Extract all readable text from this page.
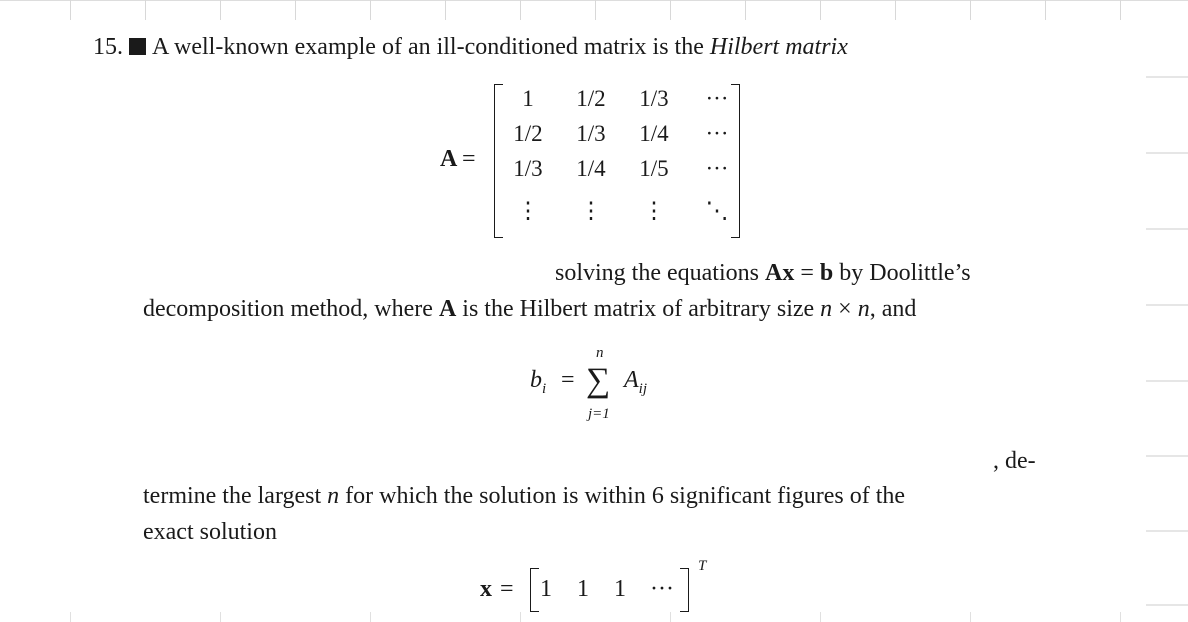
15. A well-known example of an ill-conditioned matrix is the Hilbert matrix
A =
1	1/2	1/3	···
1/2	1/3	1/4	···
1/3	1/4	1/5	···
⋮	⋮	⋮	⋱
solving the equations Ax = b by Doolittle’s
decomposition method, where A is the Hilbert matrix of arbitrary size n × n, and
$b_i$ =
n
∑
j=1
$A_{ij}$
, de-
termine the largest n for which the solution is within 6 significant figures of the
exact solution
x = 1 1 1 ···
T
